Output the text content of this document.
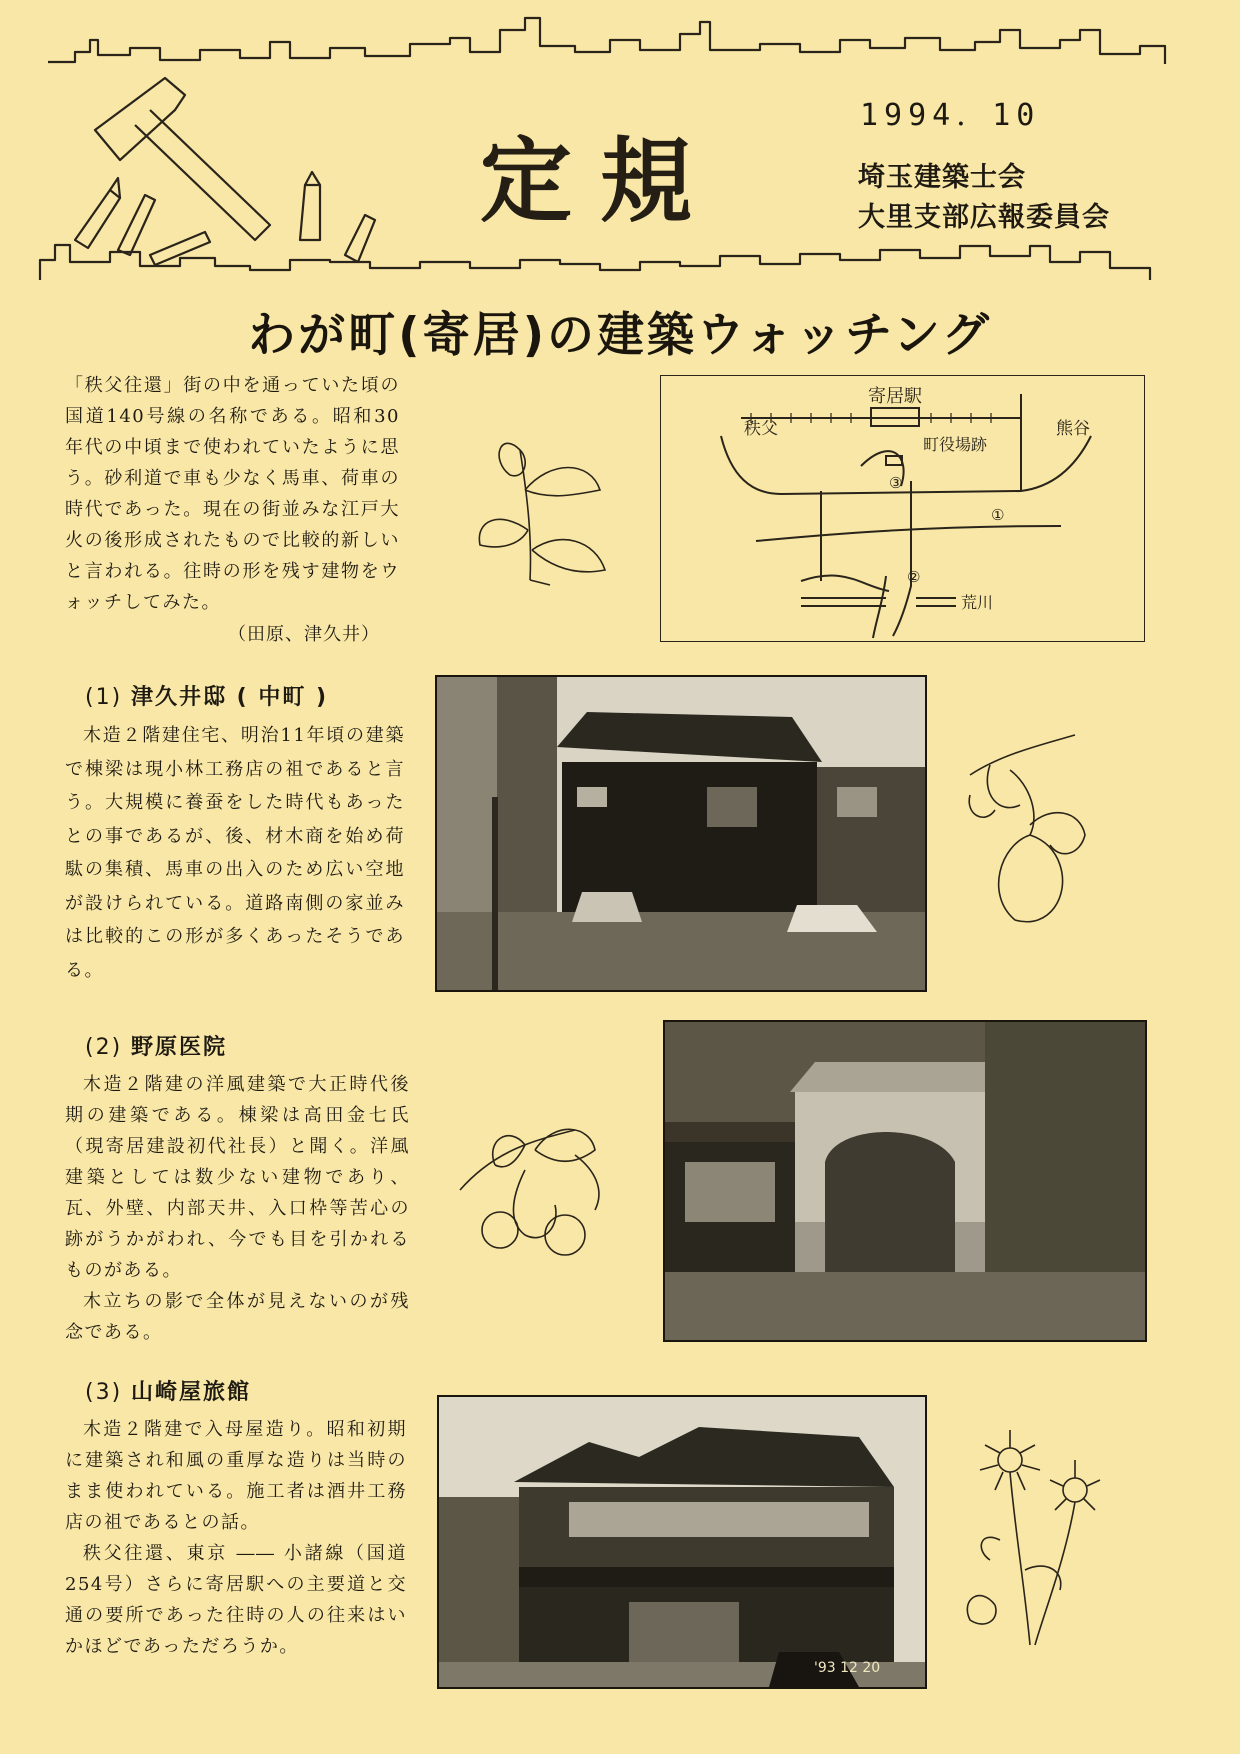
定規
1994．10
埼玉建築士会
大里支部広報委員会
わが町(寄居)の建築ウォッチング

「秩父往還」街の中を通っていた頃の国道140号線の名称である。昭和30年代の中頃まで使われていたように思う。砂利道で車も少なく馬車、荷車の時代であった。現在の街並みな江戸大火の後形成されたもので比較的新しいと言われる。往時の形を残す建物をウォッチしてみた。

（田原、津久井）

寄居駅
秩父	熊谷
町役場跡
荒川
①
②
③
(1) 津久井邸 ( 中町 )

木造２階建住宅、明治11年頃の建築で棟梁は現小林工務店の祖であると言う。大規模に養蚕をした時代もあったとの事であるが、後、材木商を始め荷駄の集積、馬車の出入のため広い空地が設けられている。道路南側の家並みは比較的この形が多くあったそうである。

(2) 野原医院

木造２階建の洋風建築で大正時代後期の建築である。棟梁は高田金七氏（現寄居建設初代社長）と聞く。洋風建築としては数少ない建物であり、瓦、外壁、内部天井、入口枠等苦心の跡がうかがわれ、今でも目を引かれるものがある。

木立ちの影で全体が見えないのが残念である。

(3) 山崎屋旅館

木造２階建で入母屋造り。昭和初期に建築され和風の重厚な造りは当時のまま使われている。施工者は酒井工務店の祖であるとの話。

秩父往還、東京 ―― 小諸線（国道254号）さらに寄居駅への主要道と交通の要所であった往時の人の往来はいかほどであっただろうか。

'93 12 20
